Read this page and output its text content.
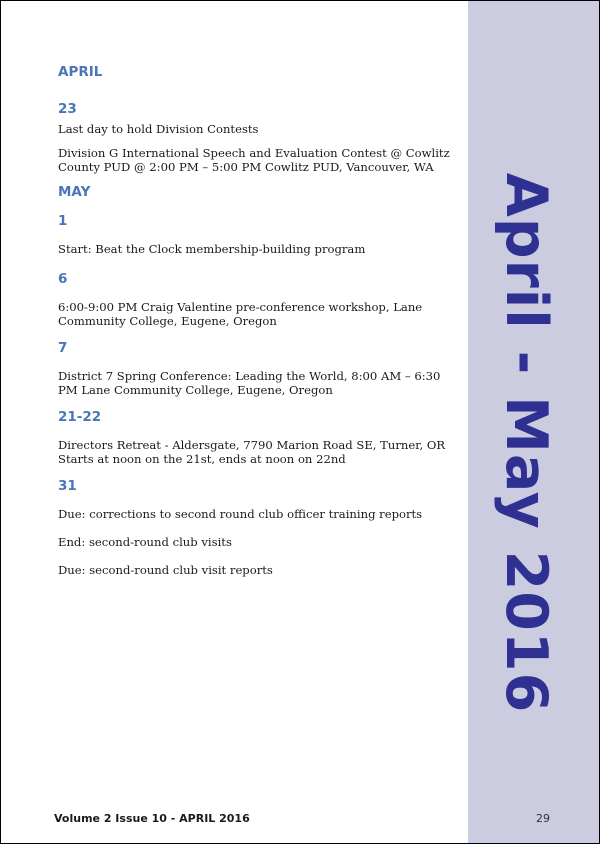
April - May 2016
APRIL
23

Last day to hold Division Contests

Division G International Speech and Evaluation Contest @ Cowlitz County PUD @ 2:00 PM – 5:00 PM Cowlitz PUD, Vancouver, WA

MAY
1

Start: Beat the Clock membership-building program

6

6:00-9:00 PM Craig Valentine pre-conference workshop, Lane Community College, Eugene, Oregon

7

District 7 Spring Conference: Leading the World, 8:00 AM – 6:30 PM Lane Community College, Eugene, Oregon

21-22

Directors Retreat - Aldersgate, 7790 Marion Road SE, Turner, OR Starts at noon on the 21st, ends at noon on 22nd

31

Due: corrections to second round club officer training reports

End: second-round club visits

Due: second-round club visit reports

Volume 2 Issue 10 - APRIL 2016	29
